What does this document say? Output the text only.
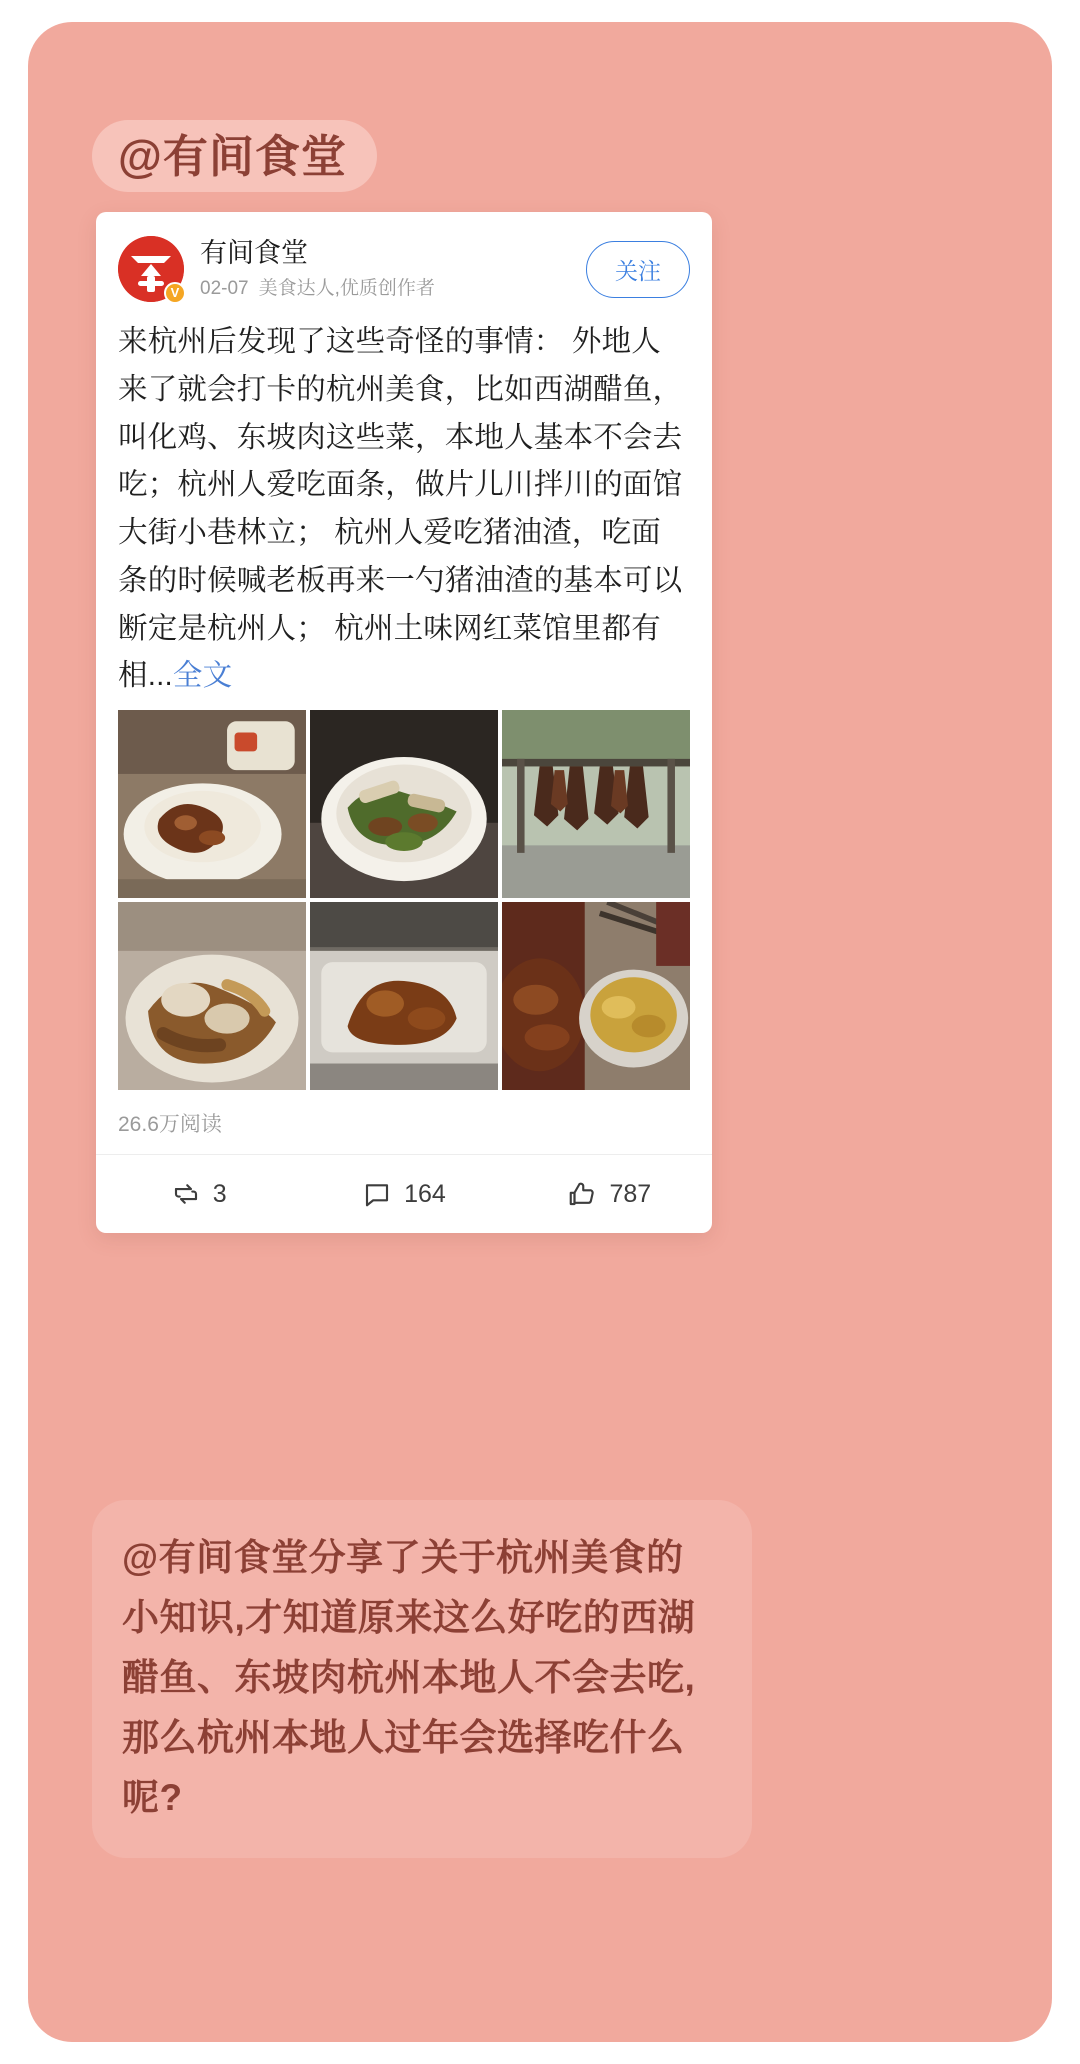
@有间食堂
V
有间食堂
02-07 美食达人,优质创作者
关注
来杭州后发现了这些奇怪的事情： 外地人来了就会打卡的杭州美食，比如西湖醋鱼，叫化鸡、东坡肉这些菜，本地人基本不会去吃；杭州人爱吃面条，做片儿川拌川的面馆大街小巷林立； 杭州人爱吃猪油渣，吃面条的时候喊老板再来一勺猪油渣的基本可以断定是杭州人； 杭州土味网红菜馆里都有相...全文
26.6万阅读
3	164	787
@有间食堂分享了关于杭州美食的小知识,才知道原来这么好吃的西湖醋鱼、东坡肉杭州本地人不会去吃,那么杭州本地人过年会选择吃什么呢?
